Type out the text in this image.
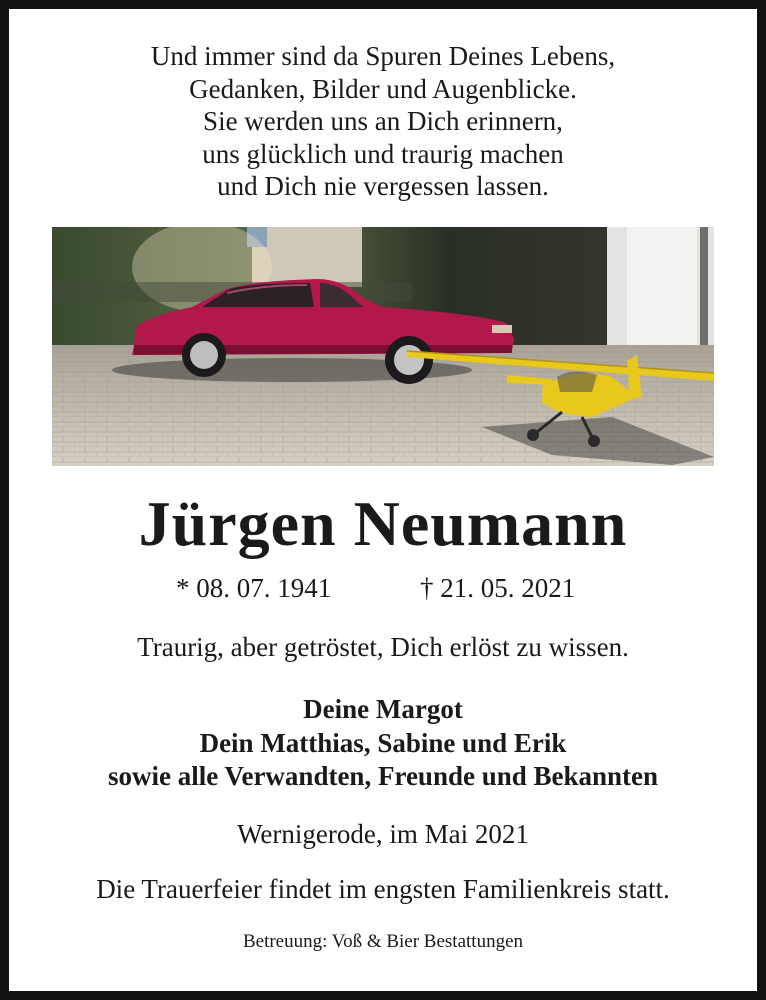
Und immer sind da Spuren Deines Lebens,
Gedanken, Bilder und Augenblicke.
Sie werden uns an Dich erinnern,
uns glücklich und traurig machen
und Dich nie vergessen lassen.
Jürgen Neumann
* 08. 07. 1941	† 21. 05. 2021
Traurig, aber getröstet, Dich erlöst zu wissen.
Deine Margot
Dein Matthias, Sabine und Erik
sowie alle Verwandten, Freunde und Bekannten
Wernigerode, im Mai 2021
Die Trauerfeier findet im engsten Familienkreis statt.
Betreuung: Voß & Bier Bestattungen
